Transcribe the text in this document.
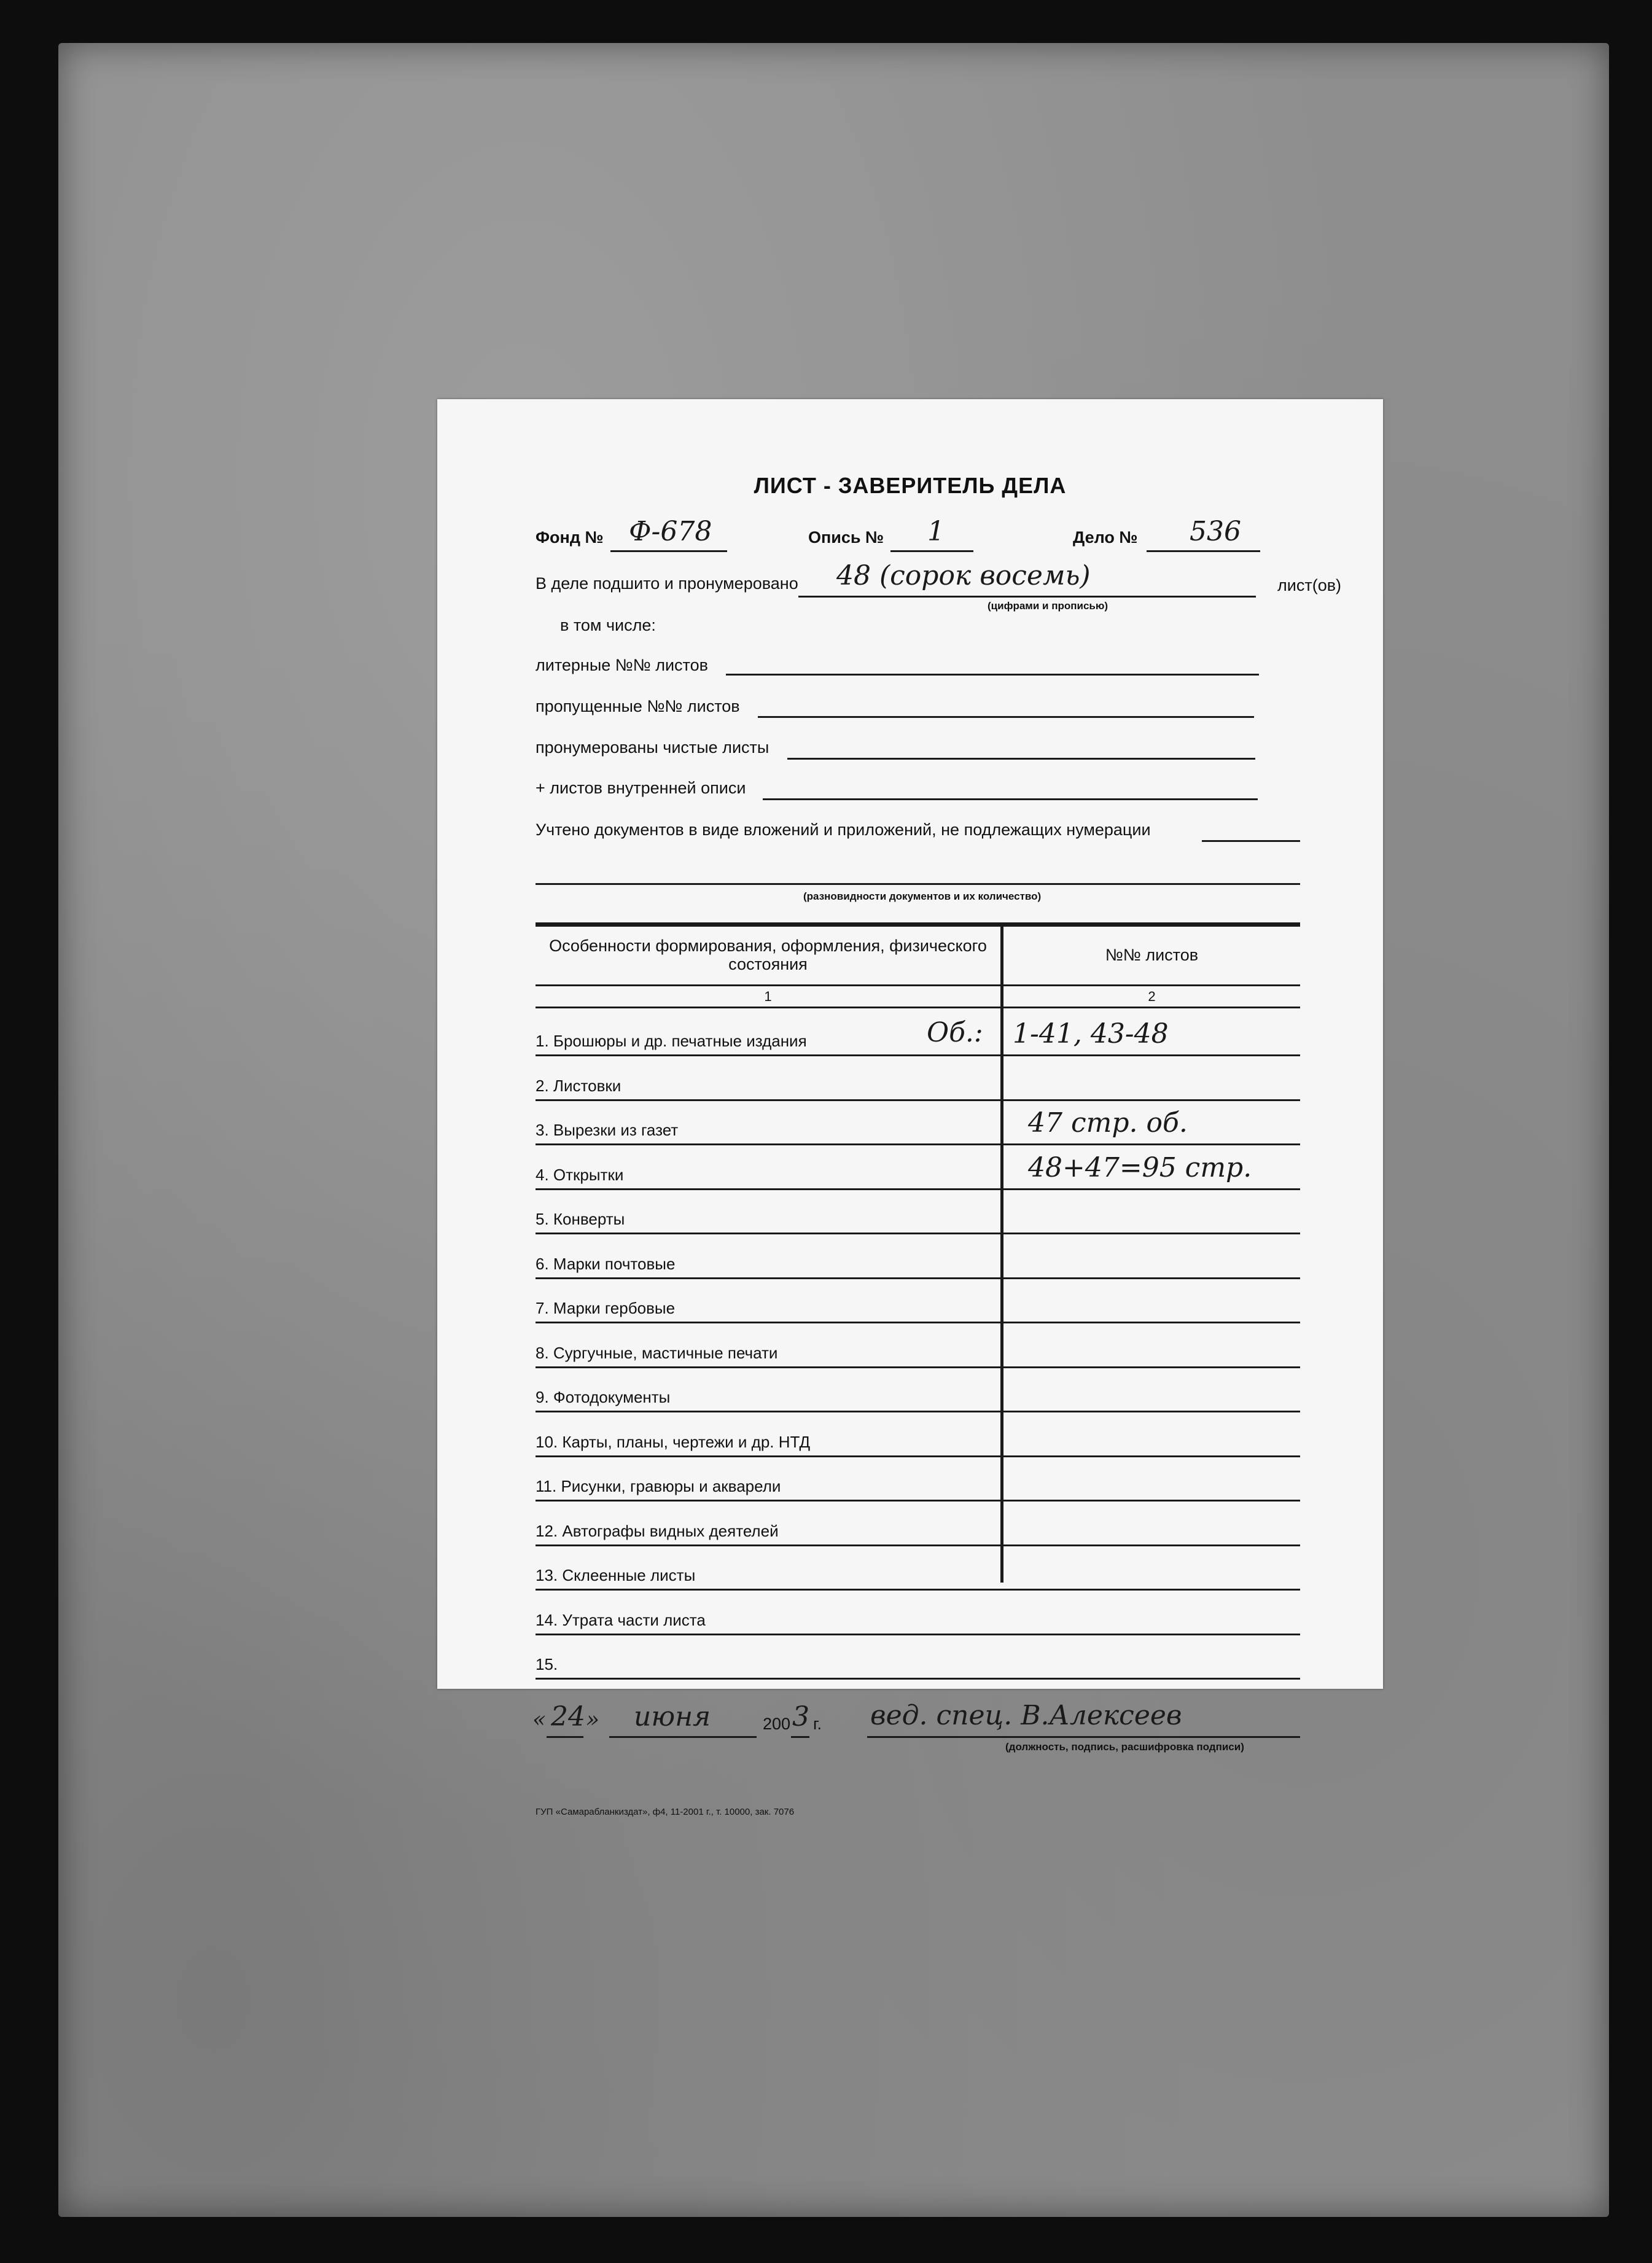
ЛИСТ - ЗАВЕРИТЕЛЬ ДЕЛА
Фонд № Ф-678	Опись № 1	Дело № 536
В деле подшито и пронумеровано 48 (сорок восемь)	лист(ов)
(цифрами и прописью)
в том числе:
литерные №№ листов
пропущенные №№ листов
пронумерованы чистые листы
+ листов внутренней описи
Учтено документов в виде вложений и приложений, не подлежащих нумерации
(разновидности документов и их количество)
Особенности формирования, оформления, физического состояния	№№ листов
1	2
1. Брошюры и др. печатные издания	Об.: 1-41, 43-48
2. Листовки
3. Вырезки из газет	47 стр. об.
4. Открытки	48+47=95 стр.
5. Конверты
6. Марки почтовые
7. Марки гербовые
8. Сургучные, мастичные печати
9. Фотодокументы
10. Карты, планы, чертежи и др. НТД
11. Рисунки, гравюры и акварели
12. Автографы видных деятелей
13. Склеенные листы
14. Утрата части листа
15.
« 24 » июня	200 3 г. вед. спец. В.Алексеев
(должность, подпись, расшифровка подписи)
ГУП «Самарабланкиздат», ф4, 11-2001 г., т. 10000, зак. 7076
